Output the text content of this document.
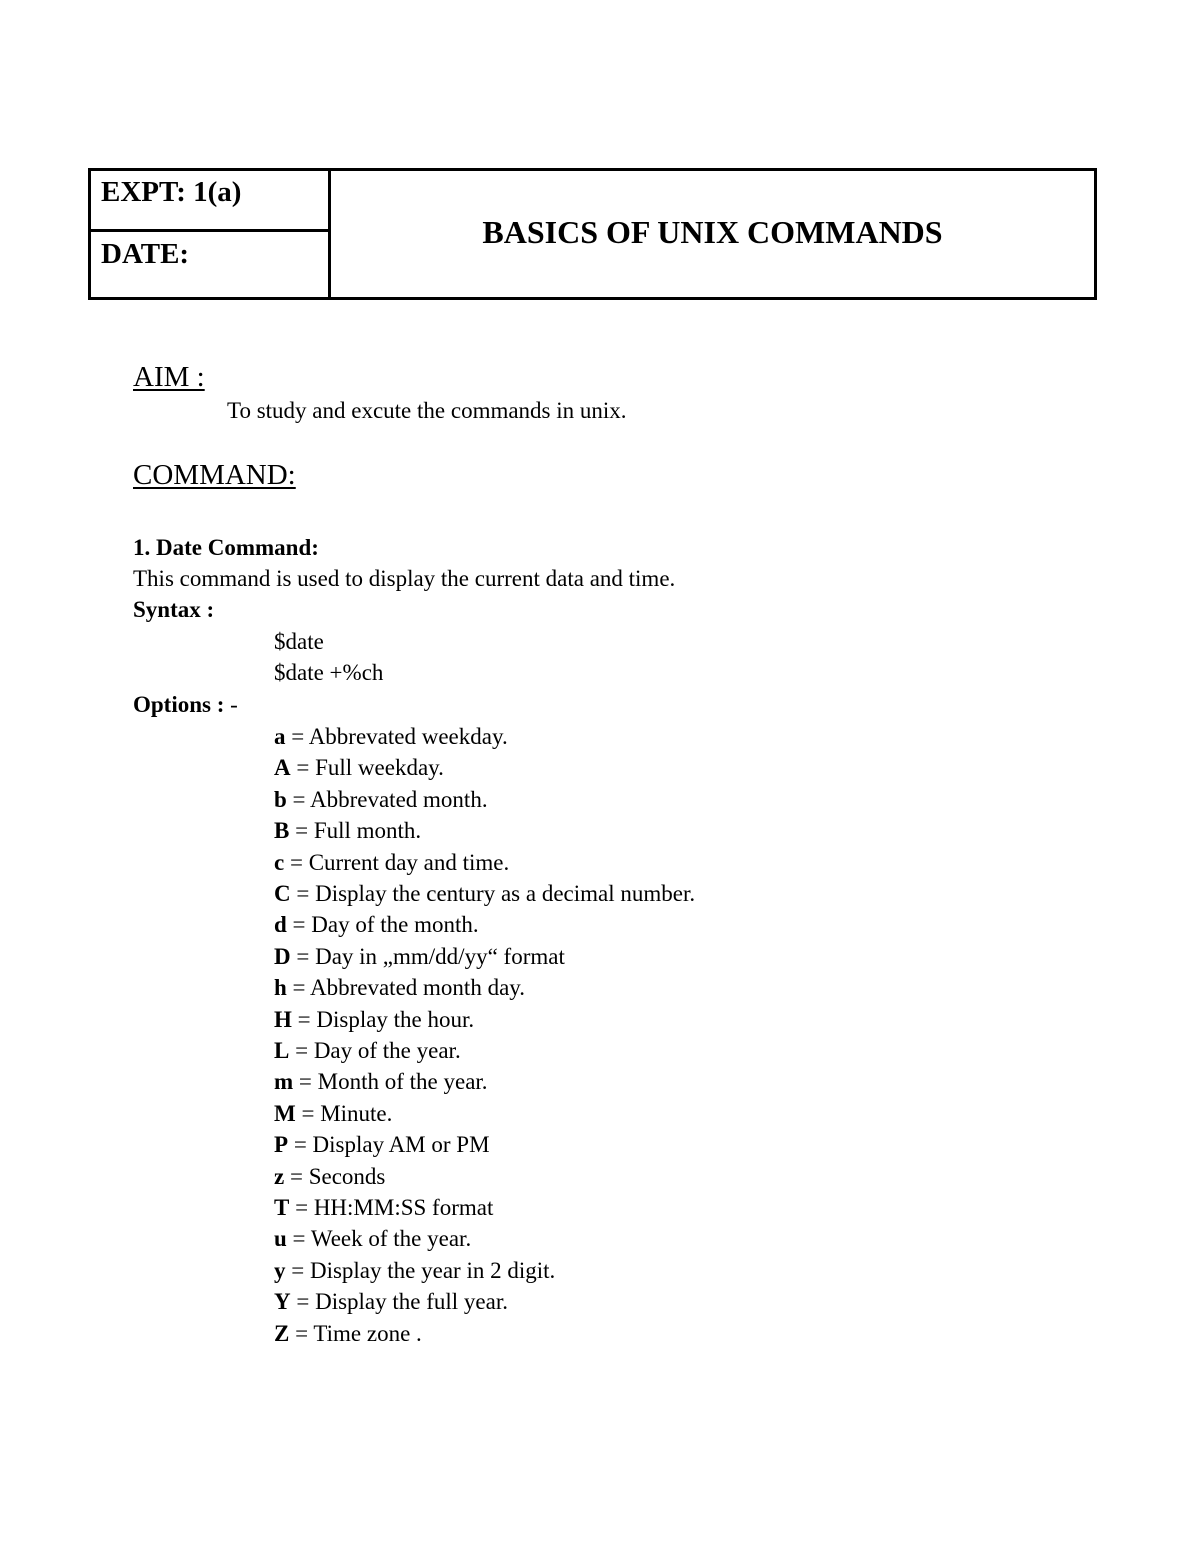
EXPT: 1(a)
DATE:
BASICS OF UNIX COMMANDS
AIM :
To study and excute the commands in unix.
COMMAND:
1. Date Command:
This command is used to display the current data and time.
Syntax :
$date
$date +%ch
Options : -
a = Abbrevated weekday.
A = Full weekday.
b = Abbrevated month.
B = Full month.
c = Current day and time.
C = Display the century as a decimal number.
d = Day of the month.
D = Day in „mm/dd/yy“ format
h = Abbrevated month day.
H = Display the hour.
L = Day of the year.
m = Month of the year.
M = Minute.
P = Display AM or PM
z = Seconds
T = HH:MM:SS format
u = Week of the year.
y = Display the year in 2 digit.
Y = Display the full year.
Z = Time zone .
